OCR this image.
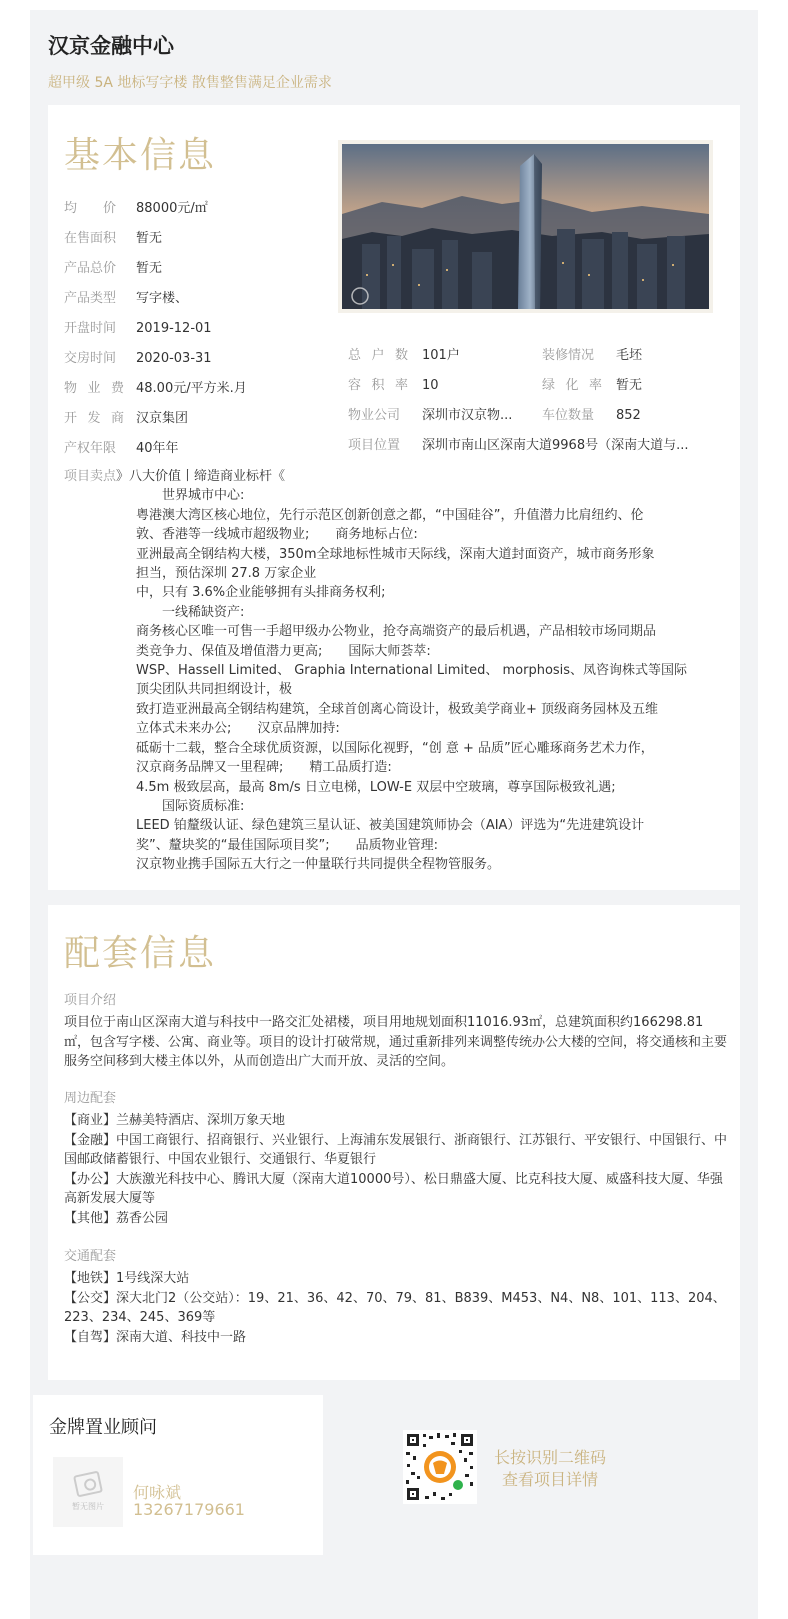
汉京金融中心
超甲级 5A 地标写字楼 散售整售满足企业需求
基本信息
均　　价 88000元/㎡
在售面积 暂无
产品总价 暂无
产品类型 写字楼、
开盘时间 2019-12-01
交房时间 2020-03-31
物业费 48.00元/平方米.月
开发商 汉京集团
产权年限 40年年
总户数 101户	装修情况 毛坯
容积率 10	绿化率 暂无
物业公司 深圳市汉京物... 车位数量 852
项目位置 深圳市南山区深南大道9968号（深南大道与...
项目卖点》八大价值丨缔造商业标杆《
　　世界城市中心:
粤港澳大湾区核心地位，先行示范区创新创意之都，“中国硅谷”，升值潜力比肩纽约、伦
敦、香港等一线城市超级物业;　　商务地标占位:
亚洲最高全钢结构大楼，350m全球地标性城市天际线，深南大道封面资产，城市商务形象
担当，预估深圳 27.8 万家企业
中，只有 3.6%企业能够拥有头排商务权利;
　　一线稀缺资产:
商务核心区唯一可售一手超甲级办公物业，抢夺高端资产的最后机遇，产品相较市场同期品
类竞争力、保值及增值潜力更高;　　国际大师荟萃:
WSP、Hassell Limited、 Graphia International Limited、 morphosis、凤咨询株式等国际
顶尖团队共同担纲设计，极
致打造亚洲最高全钢结构建筑，全球首创离心筒设计，极致美学商业+ 顶级商务园林及五维
立体式未来办公;　　汉京品牌加持:
砥砺十二载，整合全球优质资源，以国际化视野，“创 意 + 品质”匠心雕琢商务艺术力作，
汉京商务品牌又一里程碑;　　精工品质打造:
4.5m 极致层高，最高 8m/s 日立电梯，LOW-E 双层中空玻璃，尊享国际极致礼遇;
　　国际资质标准:
LEED 铂釐级认证、绿色建筑三星认证、被美国建筑师协会（AIA）评选为“先进建筑设计
奖”、釐块奖的“最佳国际项目奖”;　　品质物业管理:
汉京物业携手国际五大行之一仲量联行共同提供全程物管服务。
配套信息
项目介绍
项目位于南山区深南大道与科技中一路交汇处裙楼，项目用地规划面积11016.93㎡，总建筑面积约166298.81㎡，包含写字楼、公寓、商业等。项目的设计打破常规，通过重新排列来调整传统办公大楼的空间，将交通核和主要服务空间移到大楼主体以外，从而创造出广大而开放、灵活的空间。
周边配套
【商业】兰赫美特酒店、深圳万象天地
【金融】中国工商银行、招商银行、兴业银行、上海浦东发展银行、浙商银行、江苏银行、平安银行、中国银行、中国邮政储蓄银行、中国农业银行、交通银行、华夏银行
【办公】大族激光科技中心、腾讯大厦（深南大道10000号）、松日鼎盛大厦、比克科技大厦、威盛科技大厦、华强高新发展大厦等
【其他】荔香公园
交通配套
【地铁】1号线深大站
【公交】深大北门2（公交站）：19、21、36、42、70、79、81、B839、M453、N4、N8、101、113、204、223、234、245、369等
【自驾】深南大道、科技中一路
金牌置业顾问
暂无图片
何咏斌
13267179661
长按识别二维码
查看项目详情
